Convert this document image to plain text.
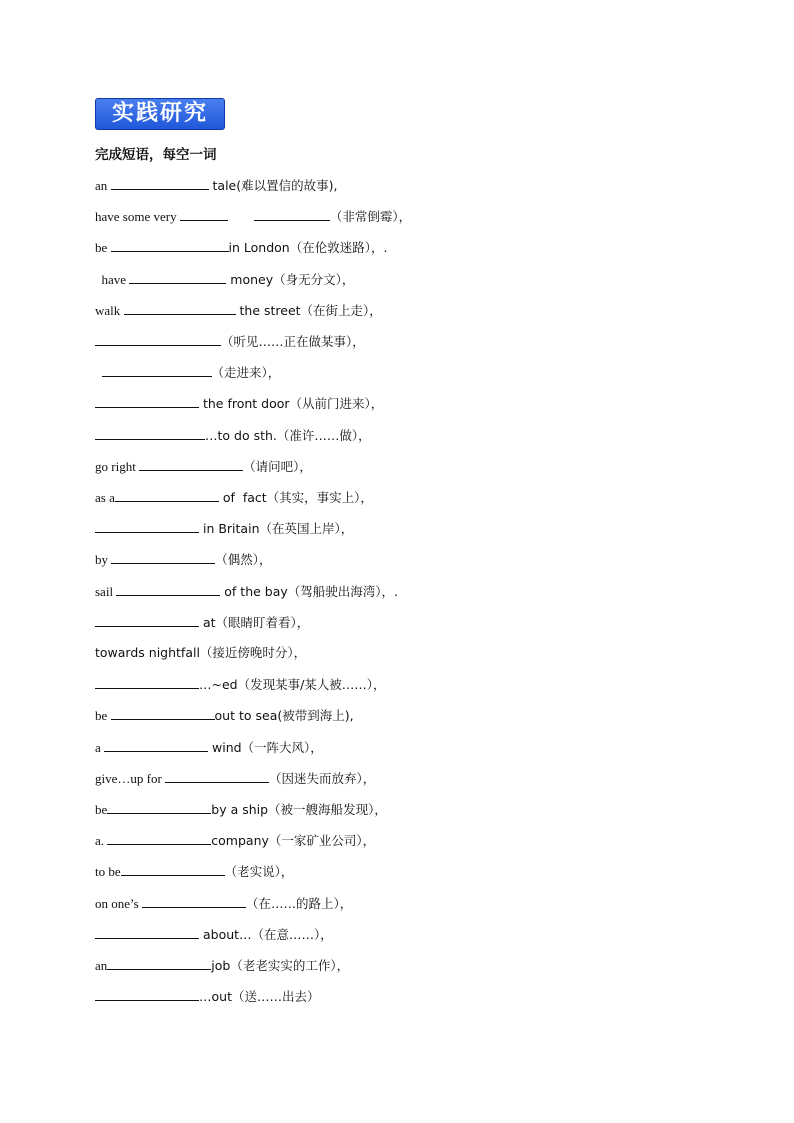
实践研究
完成短语，每空一词
an	tale(难以置信的故事),
have some very	（非常倒霉），
be	in London（在伦敦迷路），.
have	money（身无分文），
walk	the street（在街上走），
（听见……正在做某事），
（走进来），
the front door（从前门进来），
…to do sth.（准许……做），
go right	（请问吧），
as a	of  fact（其实，事实上），
in Britain（在英国上岸），
by	（偶然），
sail	of the bay（驾船驶出海湾），.
at（眼睛盯着看），
towards nightfall（接近傍晚时分），
…~ed（发现某事/某人被……），
be	out to sea(被带到海上),
a	wind（一阵大风），
give…up for	（因迷失而放弃），
be	by a ship（被一艘海船发现），
a.	company（一家矿业公司），
to be	（老实说），
on one’s	（在……的路上），
about…（在意……），
an	job（老老实实的工作），
…out（送……出去）
